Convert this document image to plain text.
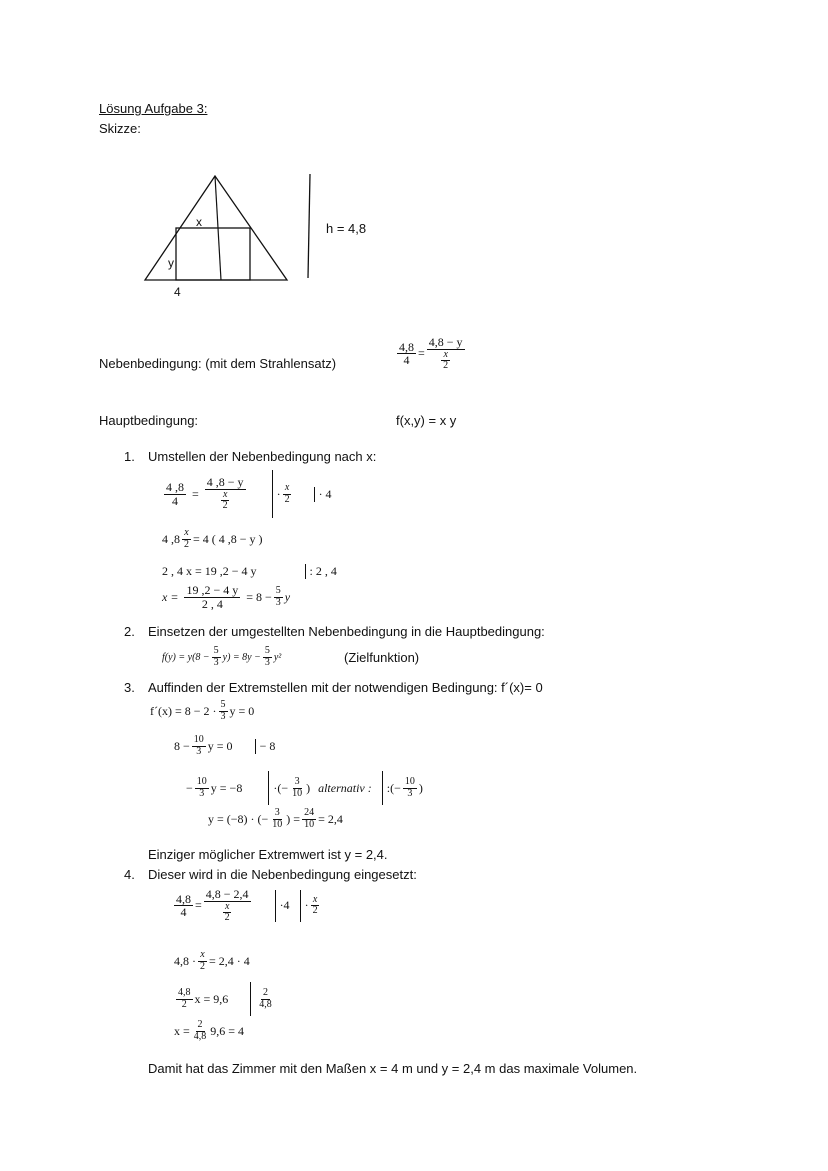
Lösung Aufgabe 3:
Skizze:
x
y
4
h = 4,8
Nebenbedingung: (mit dem Strahlensatz)	$\frac{4,8}{4} = \frac{4,8 - y}{\frac{x}{2}}$
Hauptbedingung:	f(x,y) = x y
1. Umstellen der Nebenbedingung nach x:
$\frac{4 ,8}{4} = \frac{4 ,8 - y}{\frac{x}{2}}$	· $\frac{x}{2}$	· 4
4 $,8 \frac{x}{2} = 4$ ( 4 ,8 − y )
2 , 4 x = 19 ,2 − 4 y	: 2 , 4
$x = \frac{19 ,2 - 4 y}{2 , 4} = 8 - \frac{5}{3}$ y
2. Einsetzen der umgestellten Nebenbedingung in die Hauptbedingung:
$f(y) = y(8 - \frac{5}{3} y) = 8y - \frac{5}{3} y^2$	(Zielfunktion)
3. Auffinden der Extremstellen mit der notwendigen Bedingung: f´(x)= 0
f´(x) = $8 - 2 \cdot \frac{5}{3}$ y = 0
$8 - \frac{10}{3}$ y = 0	− 8
− $\frac{10}{3}$ y = −8	·(− $\frac{3}{10}$ ) alternativ : :(− $\frac{10}{3}$ )
y = (−8) · (− $\frac{3}{10}$ ) = $\frac{24}{10} = 2,4$
Einziger möglicher Extremwert ist y = 2,4.
4. Dieser wird in die Nebenbedingung eingesetzt:
$\frac{4,8}{4} = \frac{4,8 - 2,4}{\frac{x}{2}}$	$\cdot 4 \cdot \frac{x}{2}$
$4,8 \cdot \frac{x}{2} = 2,4 \cdot 4$
$\frac{4,8}{2}$ x = 9,6	$\frac{2}{4,8}$
$x = \frac{2}{4,8} 9,6 = 4$
Damit hat das Zimmer mit den Maßen x = 4 m und y = 2,4 m das maximale Volumen.
